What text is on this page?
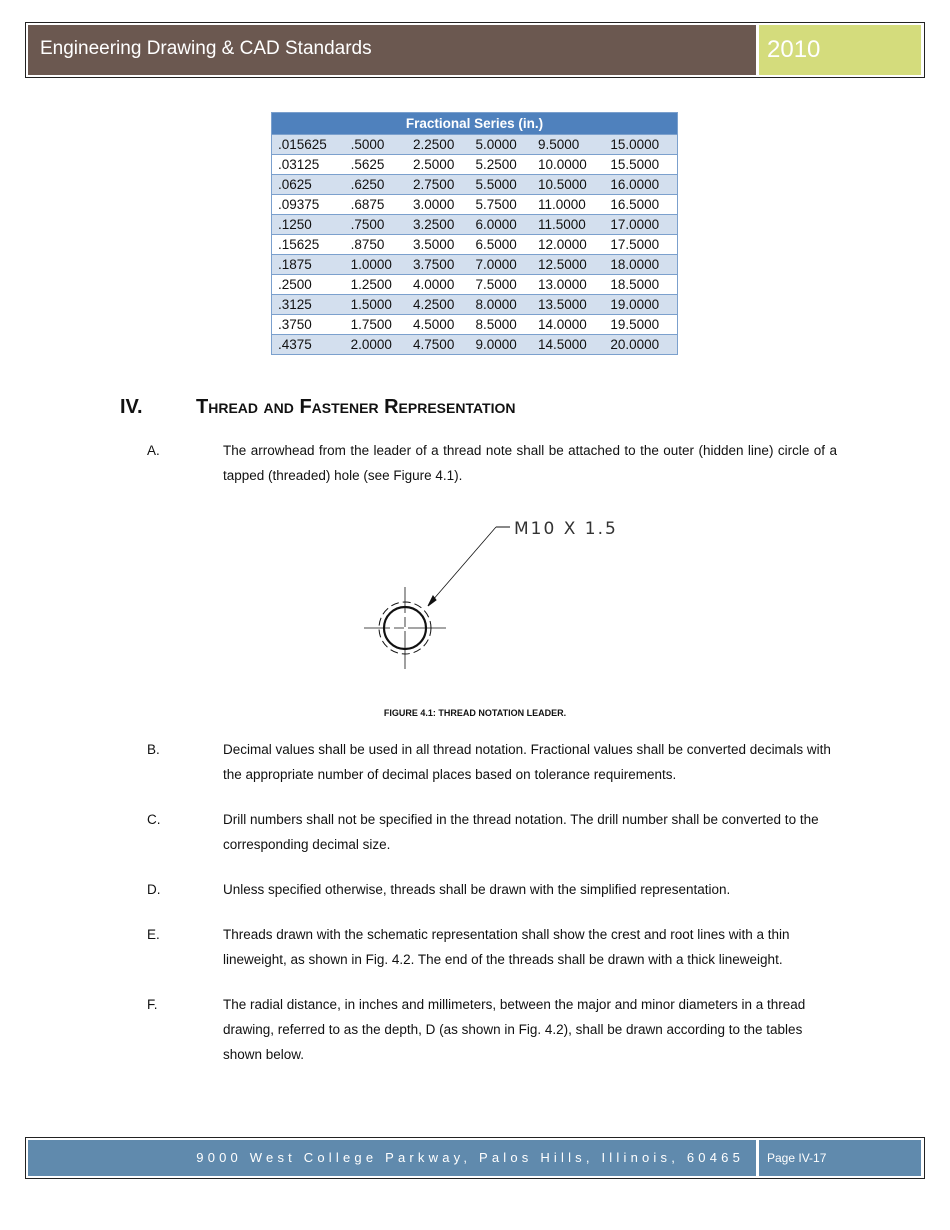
Engineering Drawing & CAD Standards	2010
Fractional Series (in.)					
.015625	.5000	2.2500	5.0000	9.5000	15.0000
.03125	.5625	2.5000	5.2500	10.0000	15.5000
.0625	.6250	2.7500	5.5000	10.5000	16.0000
.09375	.6875	3.0000	5.7500	11.0000	16.5000
.1250	.7500	3.2500	6.0000	11.5000	17.0000
.15625	.8750	3.5000	6.5000	12.0000	17.5000
.1875	1.0000	3.7500	7.0000	12.5000	18.0000
.2500	1.2500	4.0000	7.5000	13.0000	18.5000
.3125	1.5000	4.2500	8.0000	13.5000	19.0000
.3750	1.7500	4.5000	8.5000	14.0000	19.5000
.4375	2.0000	4.7500	9.0000	14.5000	20.0000
IV.	Thread and Fastener Representation
A.	The arrowhead from the leader of a thread note shall be attached to the outer (hidden line) circle of a tapped (threaded) hole (see Figure 4.1).
M10 X 1.5
FIGURE 4.1: THREAD NOTATION LEADER.
B.	Decimal values shall be used in all thread notation. Fractional values shall be converted decimals with the appropriate number of decimal places based on tolerance requirements.
C.	Drill numbers shall not be specified in the thread notation. The drill number shall be converted to the corresponding decimal size.
D.	Unless specified otherwise, threads shall be drawn with the simplified representation.
E.	Threads drawn with the schematic representation shall show the crest and root lines with a thin lineweight, as shown in Fig. 4.2. The end of the threads shall be drawn with a thick lineweight.
F.	The radial distance, in inches and millimeters, between the major and minor diameters in a thread drawing, referred to as the depth, D (as shown in Fig. 4.2), shall be drawn according to the tables shown below.
9000 West College Parkway, Palos Hills, Illinois, 60465	Page IV-17
